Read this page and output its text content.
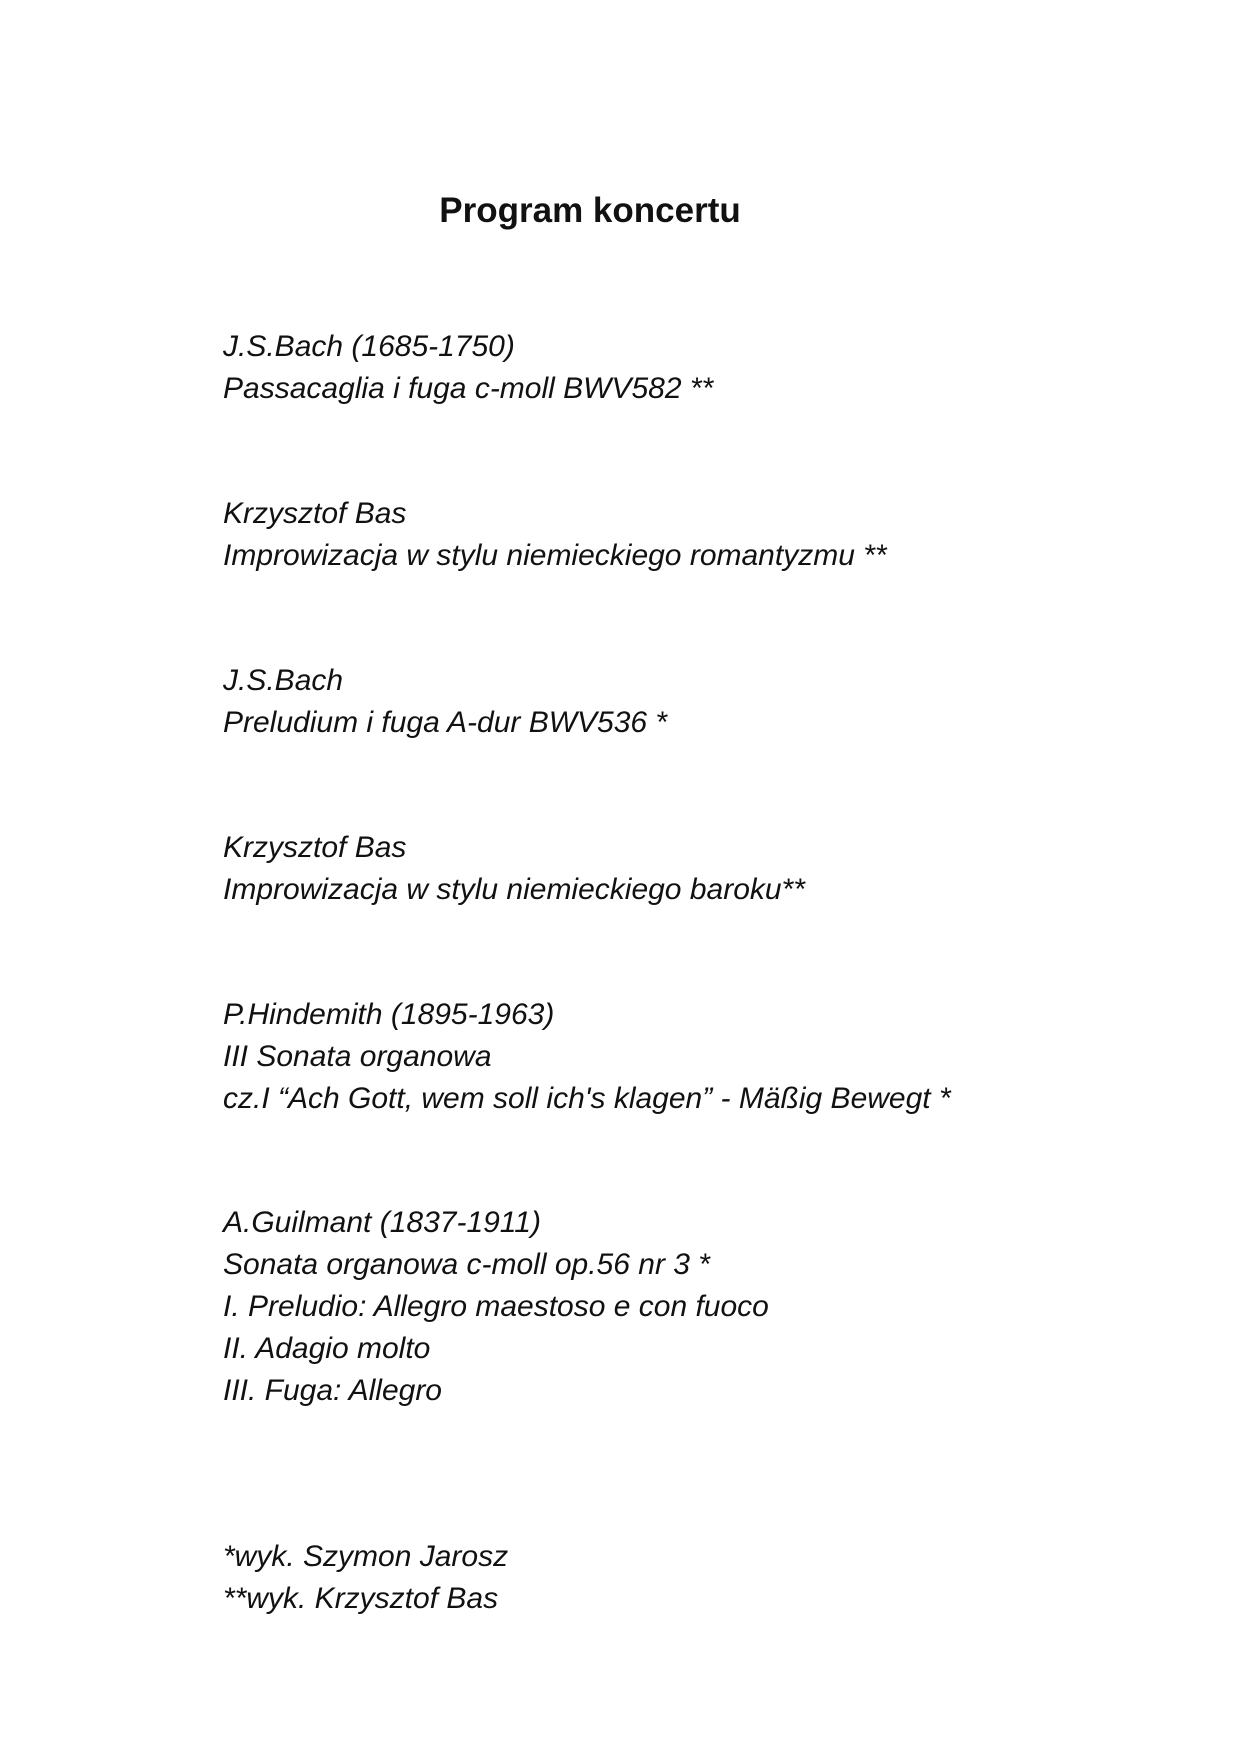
Program koncertu
J.S.Bach (1685-1750)
Passacaglia i fuga c-moll BWV582 **
Krzysztof Bas
Improwizacja w stylu niemieckiego romantyzmu **
J.S.Bach
Preludium i fuga A-dur BWV536 *
Krzysztof Bas
Improwizacja w stylu niemieckiego baroku**
P.Hindemith (1895-1963)
III Sonata organowa
cz.I “Ach Gott, wem soll ich's klagen” - Mäßig Bewegt *
A.Guilmant (1837-1911)
Sonata organowa c-moll op.56 nr 3 *
I. Preludio: Allegro maestoso e con fuoco
II. Adagio molto
III. Fuga: Allegro
*wyk. Szymon Jarosz
**wyk. Krzysztof Bas
